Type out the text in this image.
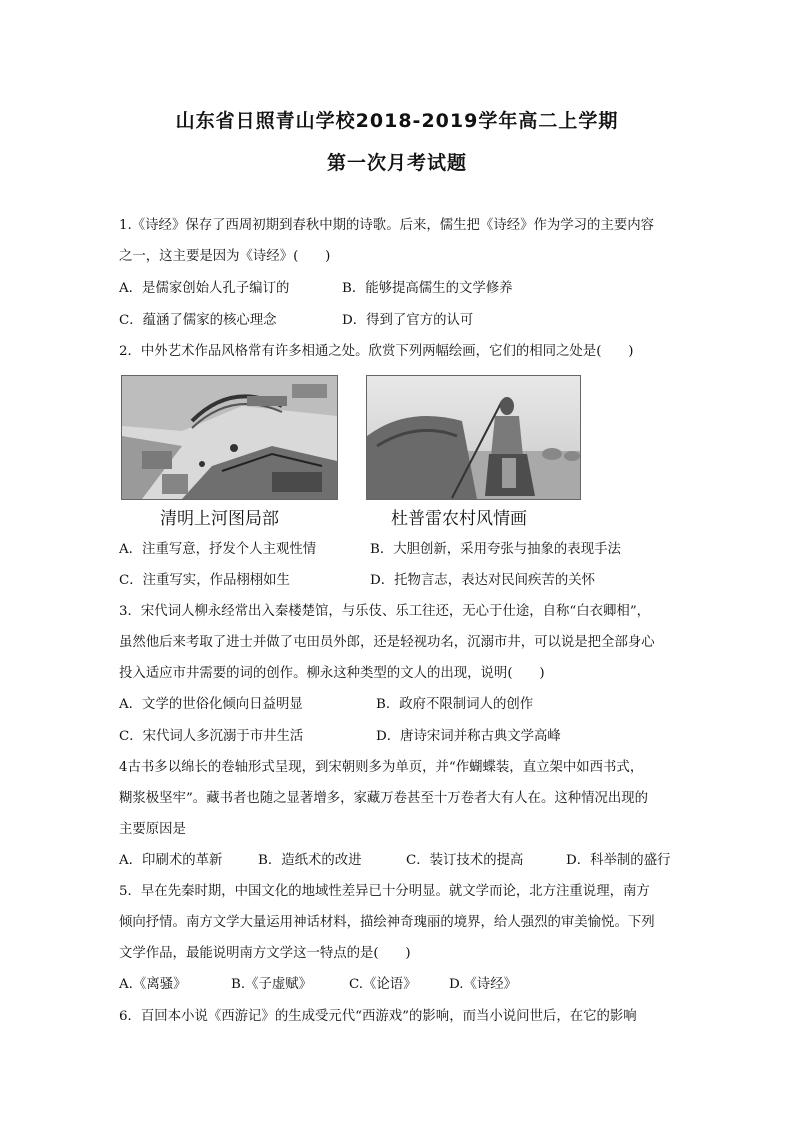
山东省日照青山学校2018-2019学年高二上学期
第一次月考试题
1.《诗经》保存了西周初期到春秋中期的诗歌。后来，儒生把《诗经》作为学习的主要内容
之一，这主要是因为《诗经》(　　)
A．是儒家创始人孔子编订的	B．能够提高儒生的文学修养
C．蕴涵了儒家的核心理念	D．得到了官方的认可
2．中外艺术作品风格常有许多相通之处。欣赏下列两幅绘画，它们的相同之处是(　　)
清明上河图局部	杜普雷农村风情画
A．注重写意，抒发个人主观性情	B．大胆创新，采用夸张与抽象的表现手法
C．注重写实，作品栩栩如生	D．托物言志，表达对民间疾苦的关怀
3．宋代词人柳永经常出入秦楼楚馆，与乐伎、乐工往还，无心于仕途，自称“白衣卿相”，
虽然他后来考取了进士并做了屯田员外郎，还是轻视功名，沉溺市井，可以说是把全部身心
投入适应市井需要的词的创作。柳永这种类型的文人的出现，说明(　　)
A．文学的世俗化倾向日益明显	B．政府不限制词人的创作
C．宋代词人多沉溺于市井生活	D．唐诗宋词并称古典文学高峰
4古书多以绵长的卷轴形式呈现，到宋朝则多为单页，并“作蝴蝶装，直立架中如西书式，
糊浆极坚牢”。藏书者也随之显著增多，家藏万卷甚至十万卷者大有人在。这种情况出现的
主要原因是
A．印刷术的革新	B．造纸术的改进	C．装订技术的提高	D．科举制的盛行
5．早在先秦时期，中国文化的地域性差异已十分明显。就文学而论，北方注重说理，南方
倾向抒情。南方文学大量运用神话材料，描绘神奇瑰丽的境界，给人强烈的审美愉悦。下列
文学作品，最能说明南方文学这一特点的是(　　)
A.《离骚》	B.《子虚赋》	C.《论语》 D.《诗经》
6．百回本小说《西游记》的生成受元代“西游戏”的影响，而当小说问世后，在它的影响
